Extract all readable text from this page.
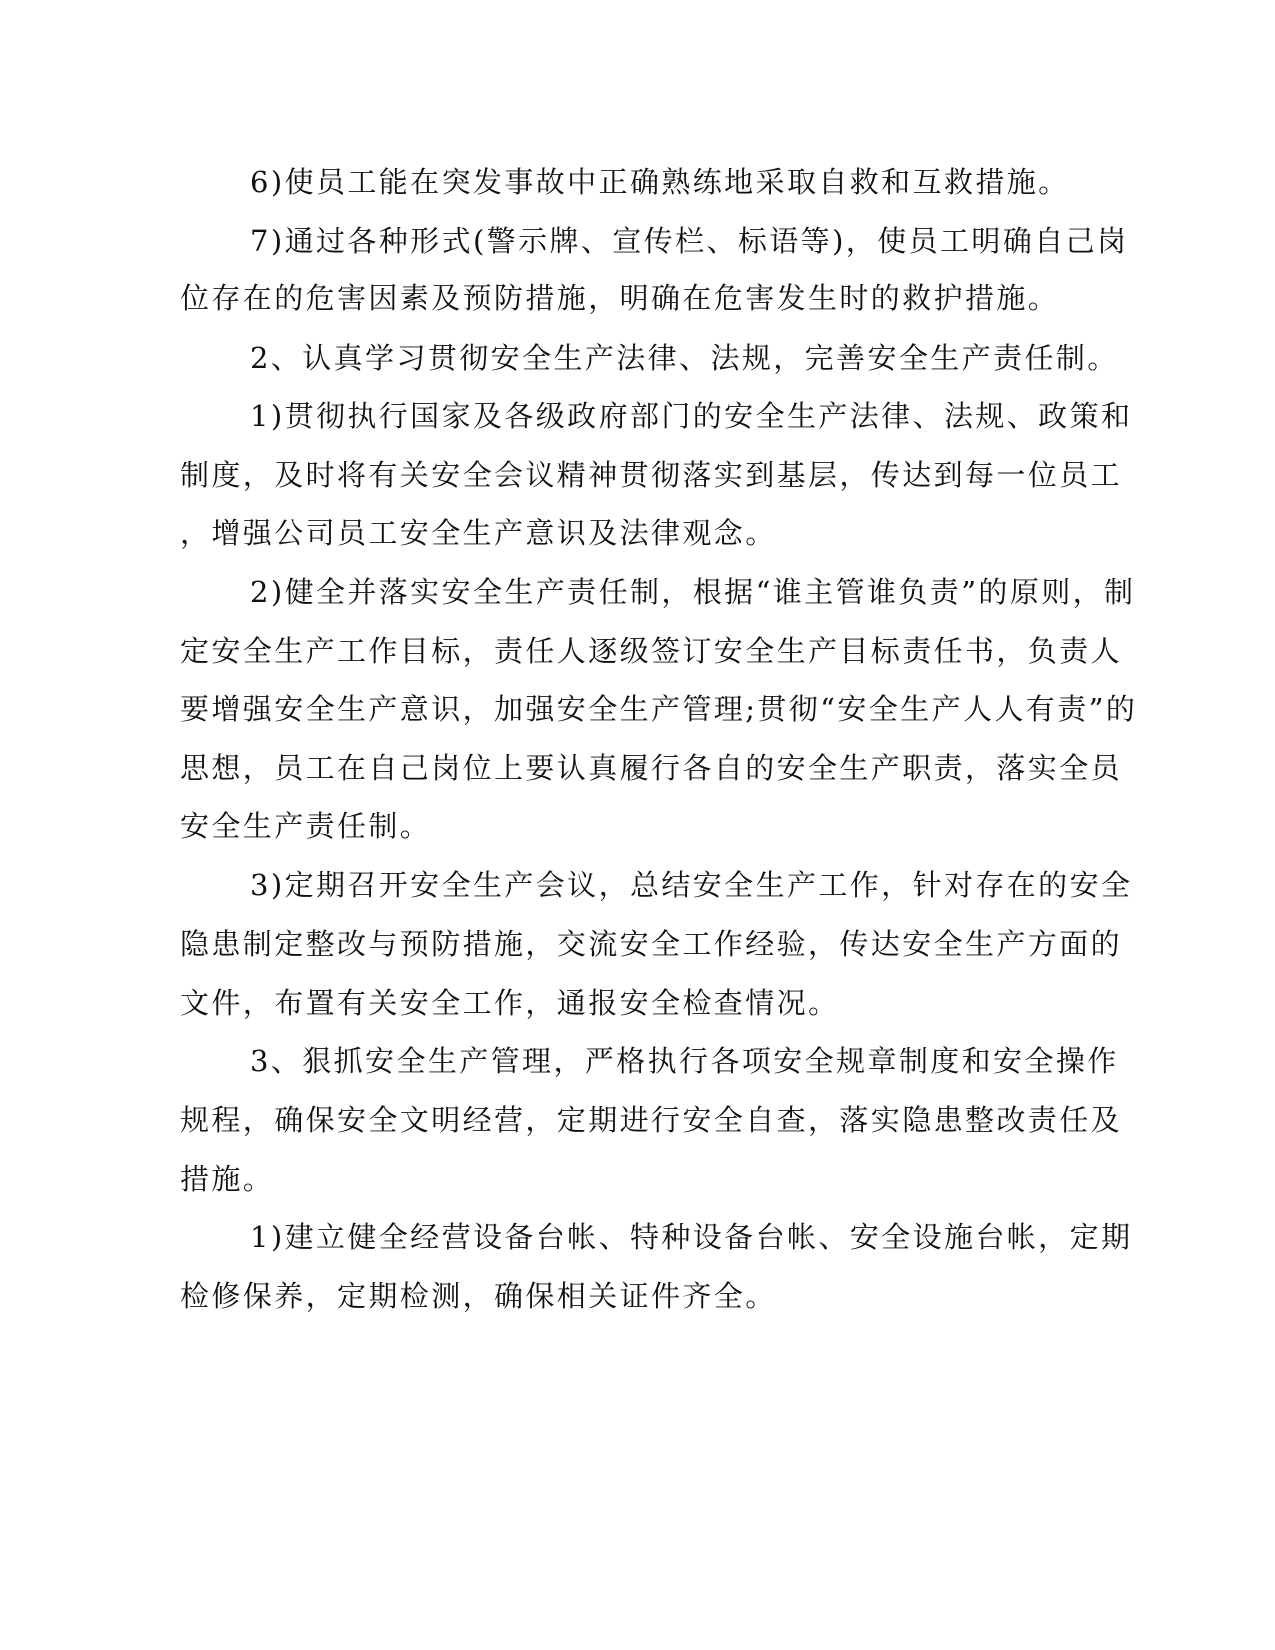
6)使员工能在突发事故中正确熟练地采取自救和互救措施。

7)通过各种形式(警示牌、宣传栏、标语等)，使员工明确自己岗

位存在的危害因素及预防措施，明确在危害发生时的救护措施。

2、认真学习贯彻安全生产法律、法规，完善安全生产责任制。

1)贯彻执行国家及各级政府部门的安全生产法律、法规、政策和

制度，及时将有关安全会议精神贯彻落实到基层，传达到每一位员工

，增强公司员工安全生产意识及法律观念。

2)健全并落实安全生产责任制，根据“谁主管谁负责”的原则，制

定安全生产工作目标，责任人逐级签订安全生产目标责任书，负责人

要增强安全生产意识，加强安全生产管理;贯彻“安全生产人人有责”的

思想，员工在自己岗位上要认真履行各自的安全生产职责，落实全员

安全生产责任制。

3)定期召开安全生产会议，总结安全生产工作，针对存在的安全

隐患制定整改与预防措施，交流安全工作经验，传达安全生产方面的

文件，布置有关安全工作，通报安全检查情况。

3、狠抓安全生产管理，严格执行各项安全规章制度和安全操作

规程，确保安全文明经营，定期进行安全自查，落实隐患整改责任及

措施。

1)建立健全经营设备台帐、特种设备台帐、安全设施台帐，定期

检修保养，定期检测，确保相关证件齐全。
